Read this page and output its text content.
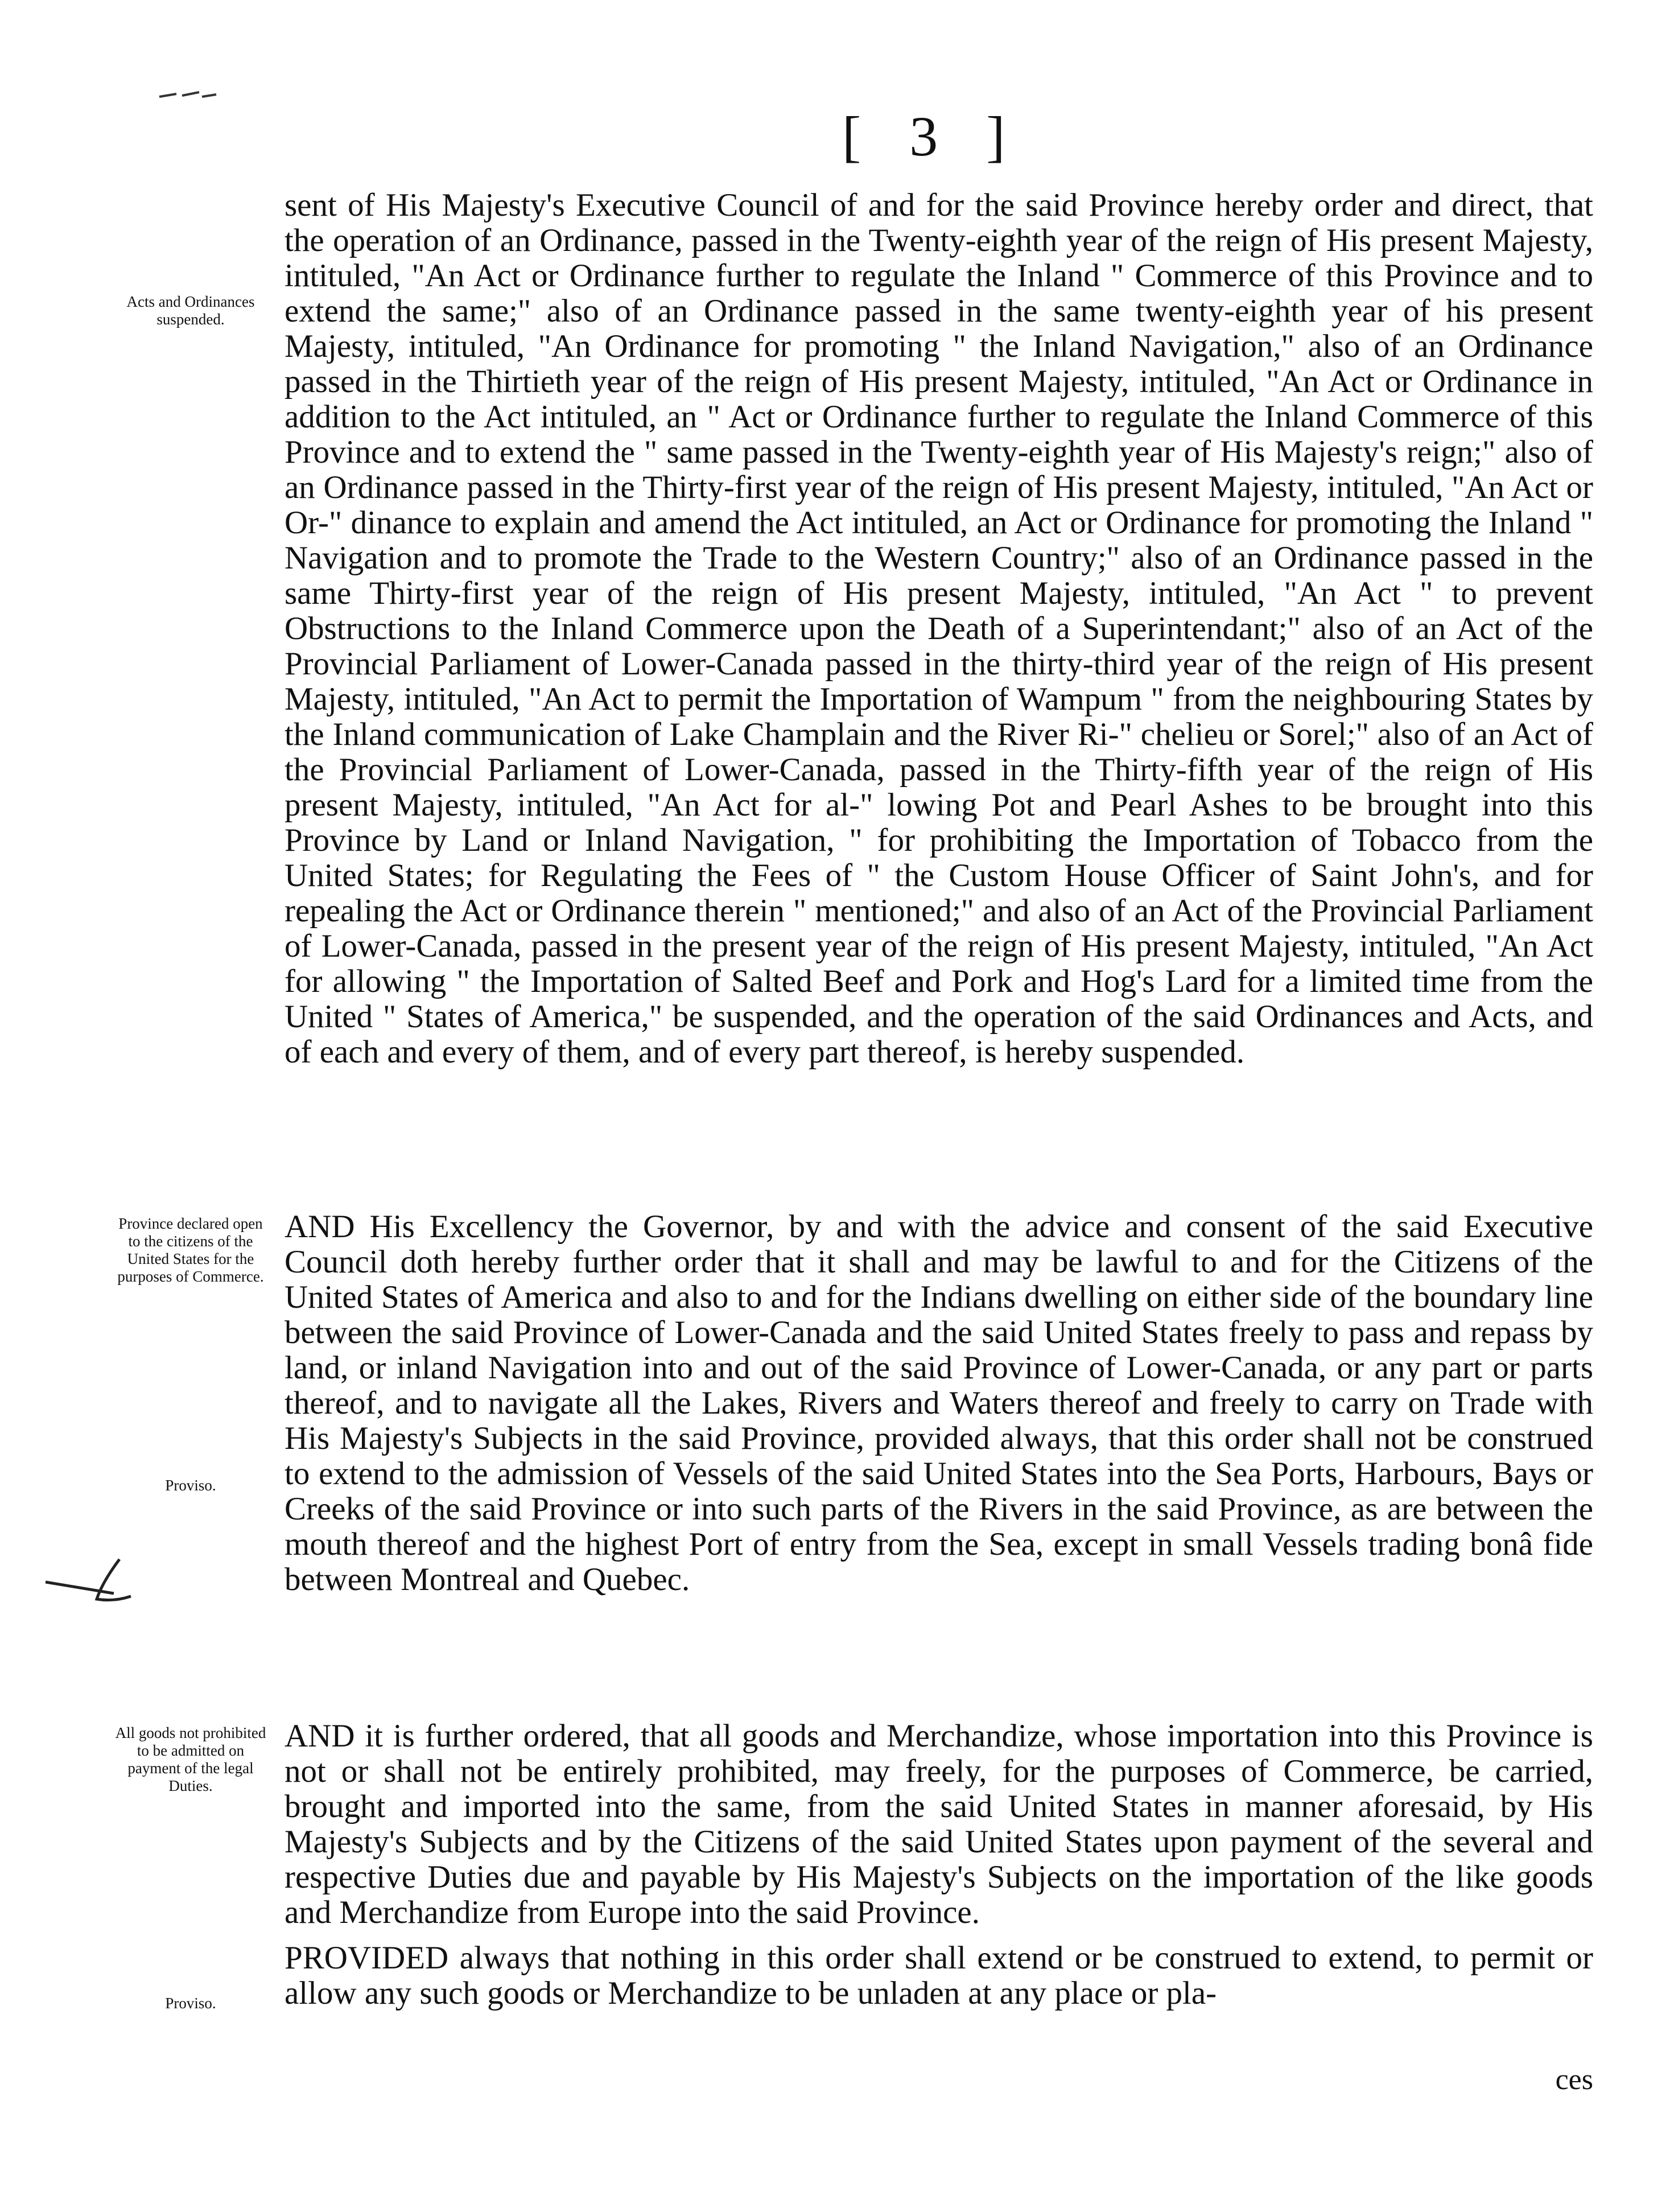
[ 3 ]

sent of His Majesty's Executive Council of and for the said Province hereby order and direct, that the operation of an Ordinance, passed in the Twenty-eighth year of the reign of His present Majesty, intituled, "An Act or Ordinance further to regulate the Inland " Commerce of this Province and to extend the same;" also of an Ordinance passed in the same twenty-eighth year of his present Majesty, intituled, "An Ordinance for promoting " the Inland Navigation," also of an Ordinance passed in the Thirtieth year of the reign of His present Majesty, intituled, "An Act or Ordinance in addition to the Act intituled, an " Act or Ordinance further to regulate the Inland Commerce of this Province and to extend the " same passed in the Twenty-eighth year of His Majesty's reign;" also of an Ordinance passed in the Thirty-first year of the reign of His present Majesty, intituled, "An Act or Or-" dinance to explain and amend the Act intituled, an Act or Ordinance for promoting the Inland " Navigation and to promote the Trade to the Western Country;" also of an Ordinance passed in the same Thirty-first year of the reign of His present Majesty, intituled, "An Act " to prevent Obstructions to the Inland Commerce upon the Death of a Superintendant;" also of an Act of the Provincial Parliament of Lower-Canada passed in the thirty-third year of the reign of His present Majesty, intituled, "An Act to permit the Importation of Wampum " from the neighbouring States by the Inland communication of Lake Champlain and the River Ri-" chelieu or Sorel;" also of an Act of the Provincial Parliament of Lower-Canada, passed in the Thirty-fifth year of the reign of His present Majesty, intituled, "An Act for al-" lowing Pot and Pearl Ashes to be brought into this Province by Land or Inland Navigation, " for prohibiting the Importation of Tobacco from the United States; for Regulating the Fees of " the Custom House Officer of Saint John's, and for repealing the Act or Ordinance therein " mentioned;" and also of an Act of the Provincial Parliament of Lower-Canada, passed in the present year of the reign of His present Majesty, intituled, "An Act for allowing " the Importation of Salted Beef and Pork and Hog's Lard for a limited time from the United " States of America," be suspended, and the operation of the said Ordinances and Acts, and of each and every of them, and of every part thereof, is hereby suspended.

AND His Excellency the Governor, by and with the advice and consent of the said Executive Council doth hereby further order that it shall and may be lawful to and for the Citizens of the United States of America and also to and for the Indians dwelling on either side of the boundary line between the said Province of Lower-Canada and the said United States freely to pass and repass by land, or inland Navigation into and out of the said Province of Lower-Canada, or any part or parts thereof, and to navigate all the Lakes, Rivers and Waters thereof and freely to carry on Trade with His Majesty's Subjects in the said Province, provided always, that this order shall not be construed to extend to the admission of Vessels of the said United States into the Sea Ports, Harbours, Bays or Creeks of the said Province or into such parts of the Rivers in the said Province, as are between the mouth thereof and the highest Port of entry from the Sea, except in small Vessels trading bonâ fide between Montreal and Quebec.

AND it is further ordered, that all goods and Merchandize, whose importation into this Province is not or shall not be entirely prohibited, may freely, for the purposes of Commerce, be carried, brought and imported into the same, from the said United States in manner aforesaid, by His Majesty's Subjects and by the Citizens of the said United States upon payment of the several and respective Duties due and payable by His Majesty's Subjects on the importation of the like goods and Merchandize from Europe into the said Province.

PROVIDED always that nothing in this order shall extend or be construed to extend, to permit or allow any such goods or Merchandize to be unladen at any place or pla-

Acts and Ordinances suspended.
Province declared open to the citizens of the United States for the purposes of Commerce.
Proviso.
All goods not prohibited to be admitted on payment of the legal Duties.
Proviso.
ces
